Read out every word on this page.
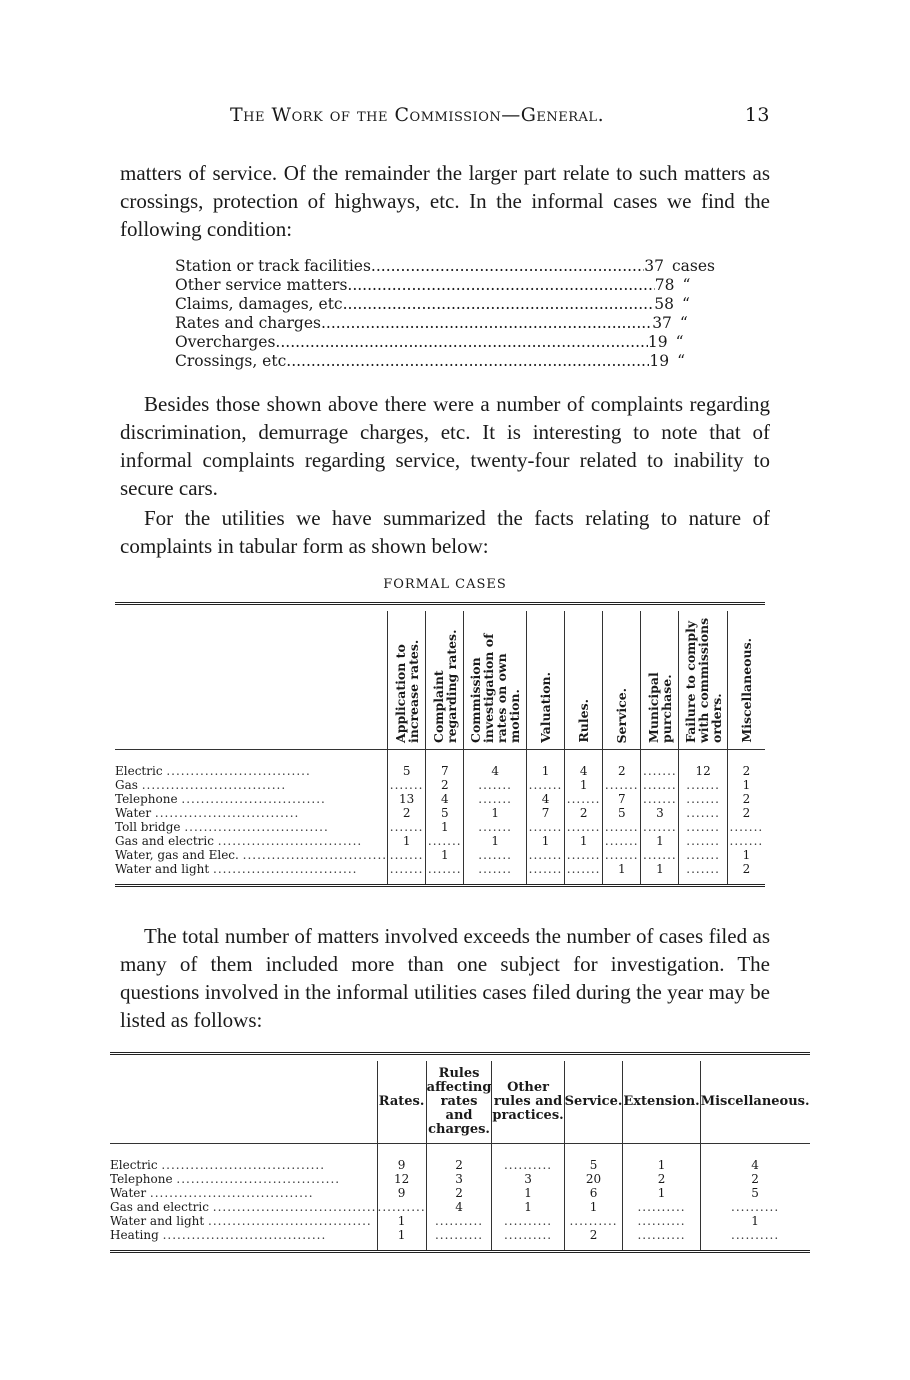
The Work of the Commission—General.	13
matters of service. Of the remainder the larger part relate to such matters as crossings, protection of highways, etc. In the informal cases we find the following condition:
Station or track facilities .....	37 cases
Other service matters .....	78 “
Claims, damages, etc .....	58 “
Rates and charges .....	37 “
Overcharges .....	19 “
Crossings, etc. .....	19 “
Besides those shown above there were a number of complaints regarding discrimination, demurrage charges, etc. It is interesting to note that of informal complaints regarding service, twenty-four related to inability to secure cars.
For the utilities we have summarized the facts relating to nature of complaints in tabular form as shown below:
FORMAL CASES

	Application to increase rates.	Complaint regarding rates.	Commission investigation of rates on own motion.	Valuation.	Rules.	Service.	Municipal purchase.	Failure to comply with commissions orders.	Miscellaneous.

Electric ..............................	5	7	4	1	4	2	.......	12	2
Gas ..............................	.......	2	.......	.......	1	.......	.......	.......	1
Telephone ..............................	13	4	.......	4	.......	7	.......	.......	2
Water ..............................	2	5	1	7	2	5	3	.......	2
Toll bridge ..............................	.......	1	.......	.......	.......	.......	.......	.......	.......
Gas and electric ..............................	1	.......	1	1	1	.......	1	.......	.......
Water, gas and Elec. ..............................	.......	1	.......	.......	.......	.......	.......	.......	1
Water and light ..............................	.......	.......	.......	.......	.......	1	1	.......	2

The total number of matters involved exceeds the number of cases filed as many of them included more than one subject for investigation. The questions involved in the informal utilities cases filed during the year may be listed as follows:

	Rates.	Rules affecting rates and charges.	Other rules and practices.	Service.	Extension.	Miscellaneous.

Electric ..................................	9	2	..........	5	1	4
Telephone ..................................	12	3	3	20	2	2
Water ..................................	9	2	1	6	1	5
Gas and electric ..................................	..........	4	1	1	..........	..........
Water and light ..................................	1	..........	..........	..........	..........	1
Heating ..................................	1	..........	..........	2	..........	..........
